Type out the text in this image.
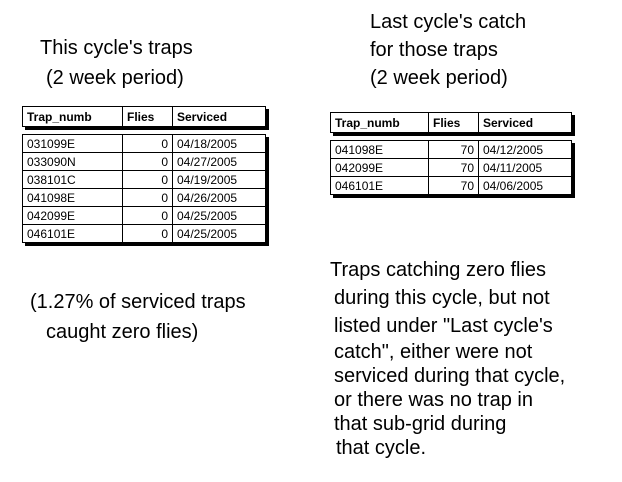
This cycle's traps
(2 week period)
Trap_numb	Flies	Serviced
031099E	0	04/18/2005
033090N	0	04/27/2005
038101C	0	04/19/2005
041098E	0	04/26/2005
042099E	0	04/25/2005
046101E	0	04/25/2005
(1.27% of serviced traps
caught zero flies)
Last cycle's catch
for those traps
(2 week period)
Trap_numb	Flies	Serviced
041098E	70	04/12/2005
042099E	70	04/11/2005
046101E	70	04/06/2005
Traps catching zero flies
during this cycle, but not
listed under "Last cycle's
catch", either were not
serviced during that cycle,
or there was no trap in
that sub-grid during
that cycle.
